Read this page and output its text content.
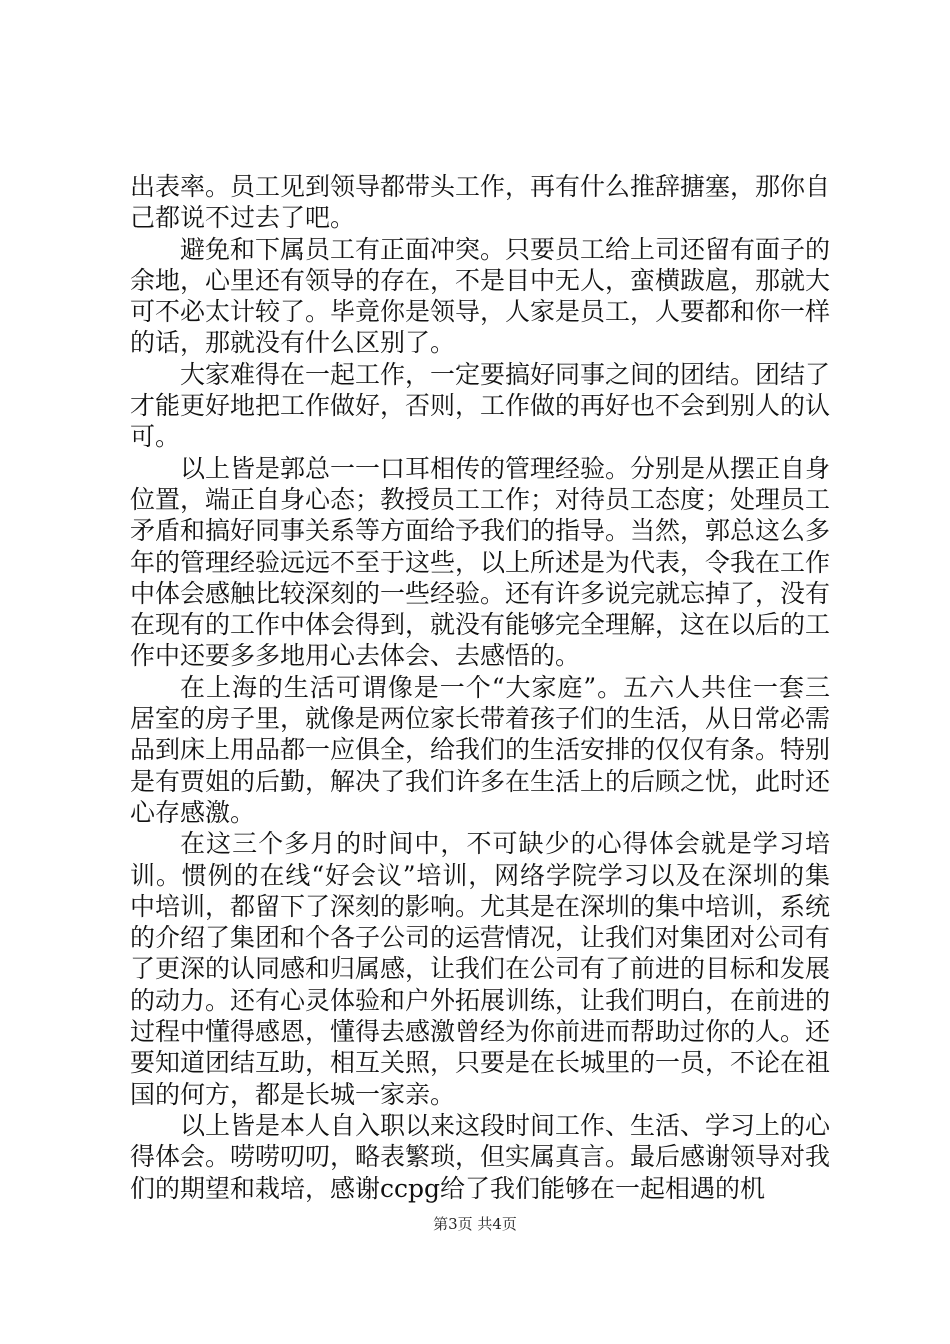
出表率。员工见到领导都带头工作，再有什么推辞搪塞，那你自己都说不过去了吧。

避免和下属员工有正面冲突。只要员工给上司还留有面子的余地，心里还有领导的存在，不是目中无人，蛮横跋扈，那就大可不必太计较了。毕竟你是领导，人家是员工，人要都和你一样的话，那就没有什么区别了。

大家难得在一起工作，一定要搞好同事之间的团结。团结了才能更好地把工作做好，否则，工作做的再好也不会到别人的认可。

以上皆是郭总一一口耳相传的管理经验。分别是从摆正自身位置，端正自身心态；教授员工工作；对待员工态度；处理员工矛盾和搞好同事关系等方面给予我们的指导。当然，郭总这么多年的管理经验远远不至于这些，以上所述是为代表，令我在工作中体会感触比较深刻的一些经验。还有许多说完就忘掉了，没有在现有的工作中体会得到，就没有能够完全理解，这在以后的工作中还要多多地用心去体会、去感悟的。

在上海的生活可谓像是一个“大家庭”。五六人共住一套三居室的房子里，就像是两位家长带着孩子们的生活，从日常必需品到床上用品都一应俱全，给我们的生活安排的仅仅有条。特别是有贾姐的后勤，解决了我们许多在生活上的后顾之忧，此时还心存感激。

在这三个多月的时间中，不可缺少的心得体会就是学习培训。惯例的在线“好会议”培训，网络学院学习以及在深圳的集中培训，都留下了深刻的影响。尤其是在深圳的集中培训，系统的介绍了集团和个各子公司的运营情况，让我们对集团对公司有了更深的认同感和归属感，让我们在公司有了前进的目标和发展的动力。还有心灵体验和户外拓展训练，让我们明白，在前进的过程中懂得感恩，懂得去感激曾经为你前进而帮助过你的人。还要知道团结互助，相互关照，只要是在长城里的一员，不论在祖国的何方，都是长城一家亲。

以上皆是本人自入职以来这段时间工作、生活、学习上的心得体会。唠唠叨叨，略表繁琐，但实属真言。最后感谢领导对我们的期望和栽培，感谢ccpg给了我们能够在一起相遇的机

第3页 共4页
